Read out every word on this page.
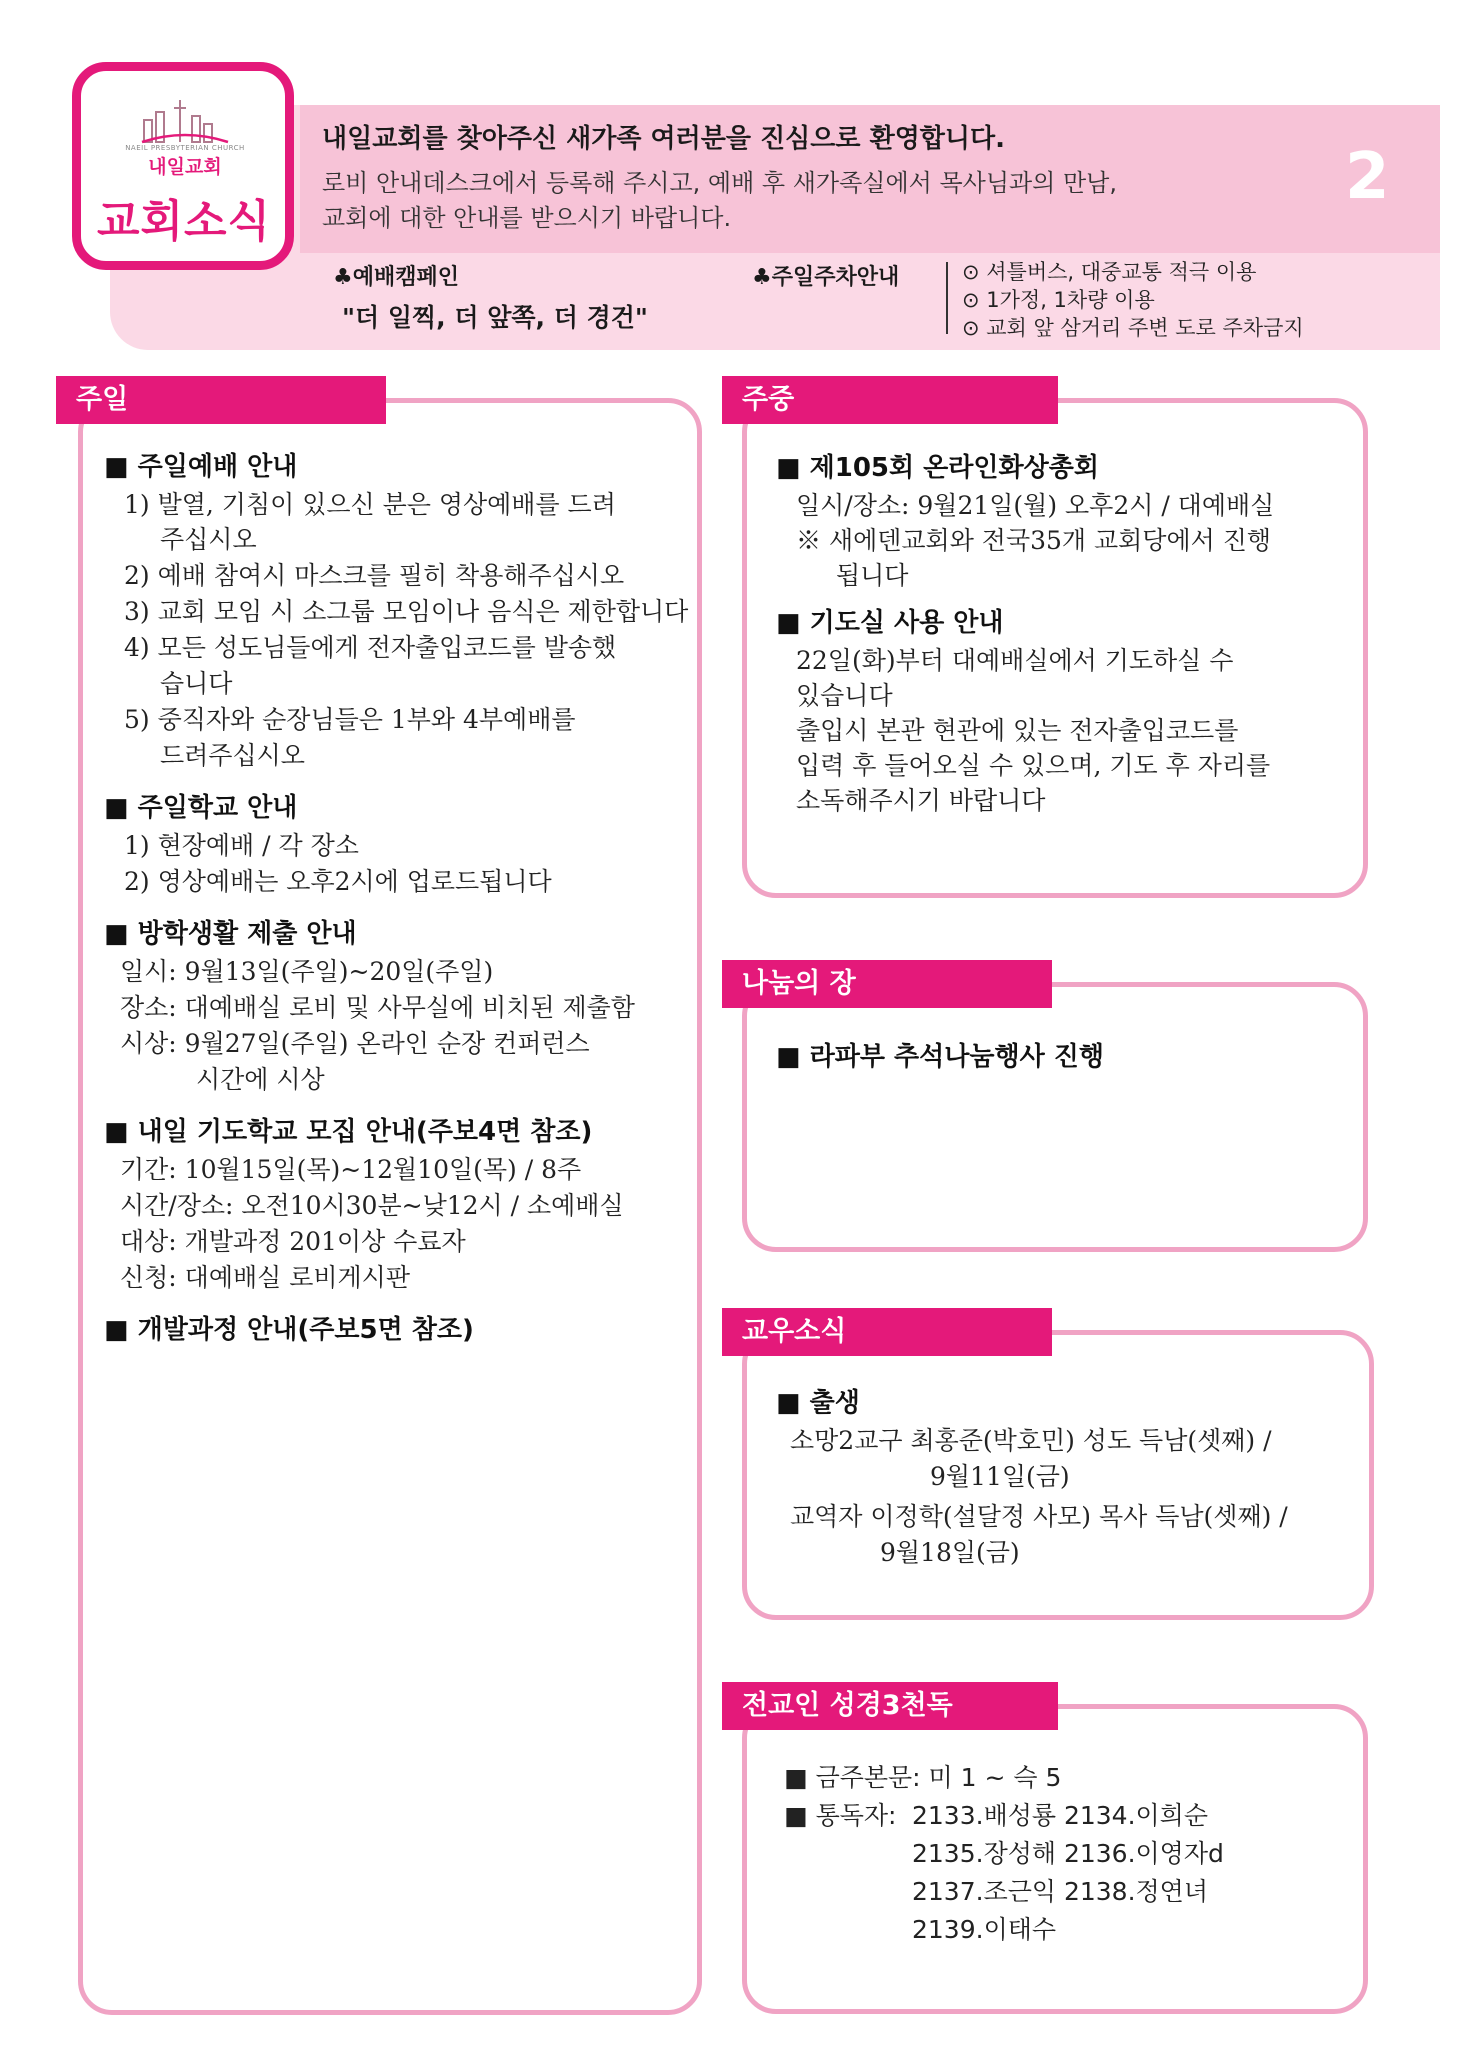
NAEIL PRESBYTERIAN CHURCH
내일교회
교회소식
2
내일교회를 찾아주신 새가족 여러분을 진심으로 환영합니다.
로비 안내데스크에서 등록해 주시고, 예배 후 새가족실에서 목사님과의 만남,
교회에 대한 안내를 받으시기 바랍니다.
♣예배캠페인
"더 일찍, 더 앞쪽, 더 경건"
♣주일주차안내	⊙ 셔틀버스, 대중교통 적극 이용
⊙ 1가정, 1차량 이용
⊙ 교회 앞 삼거리 주변 도로 주차금지
주일
■ 주일예배 안내
1) 발열, 기침이 있으신 분은 영상예배를 드려
주십시오
2) 예배 참여시 마스크를 필히 착용해주십시오
3) 교회 모임 시 소그룹 모임이나 음식은 제한합니다
4) 모든 성도님들에게 전자출입코드를 발송했
습니다
5) 중직자와 순장님들은 1부와 4부예배를
드려주십시오
■ 주일학교 안내
1) 현장예배 / 각 장소
2) 영상예배는 오후2시에 업로드됩니다
■ 방학생활 제출 안내
일시: 9월13일(주일)~20일(주일)
장소: 대예배실 로비 및 사무실에 비치된 제출함
시상: 9월27일(주일) 온라인 순장 컨퍼런스
시간에 시상
■ 내일 기도학교 모집 안내(주보4면 참조)
기간: 10월15일(목)~12월10일(목) / 8주
시간/장소: 오전10시30분~낮12시 / 소예배실
대상: 개발과정 201이상 수료자
신청: 대예배실 로비게시판
■ 개발과정 안내(주보5면 참조)
주중
■ 제105회 온라인화상총회
일시/장소: 9월21일(월) 오후2시 / 대예배실
※ 새에덴교회와 전국35개 교회당에서 진행
됩니다
■ 기도실 사용 안내
22일(화)부터 대예배실에서 기도하실 수
있습니다
출입시 본관 현관에 있는 전자출입코드를
입력 후 들어오실 수 있으며, 기도 후 자리를
소독해주시기 바랍니다
나눔의 장
■ 라파부 추석나눔행사 진행
교우소식
■ 출생
소망2교구 최홍준(박호민) 성도 득남(셋째) /
9월11일(금)
교역자 이정학(설달정 사모) 목사 득남(셋째) /
9월18일(금)
전교인 성경3천독
■ 금주본문: 미 1 ~ 슥 5
■ 통독자: 2133.배성룡 2134.이희순
2135.장성해 2136.이영자d
2137.조근익 2138.정연녀
2139.이태수
